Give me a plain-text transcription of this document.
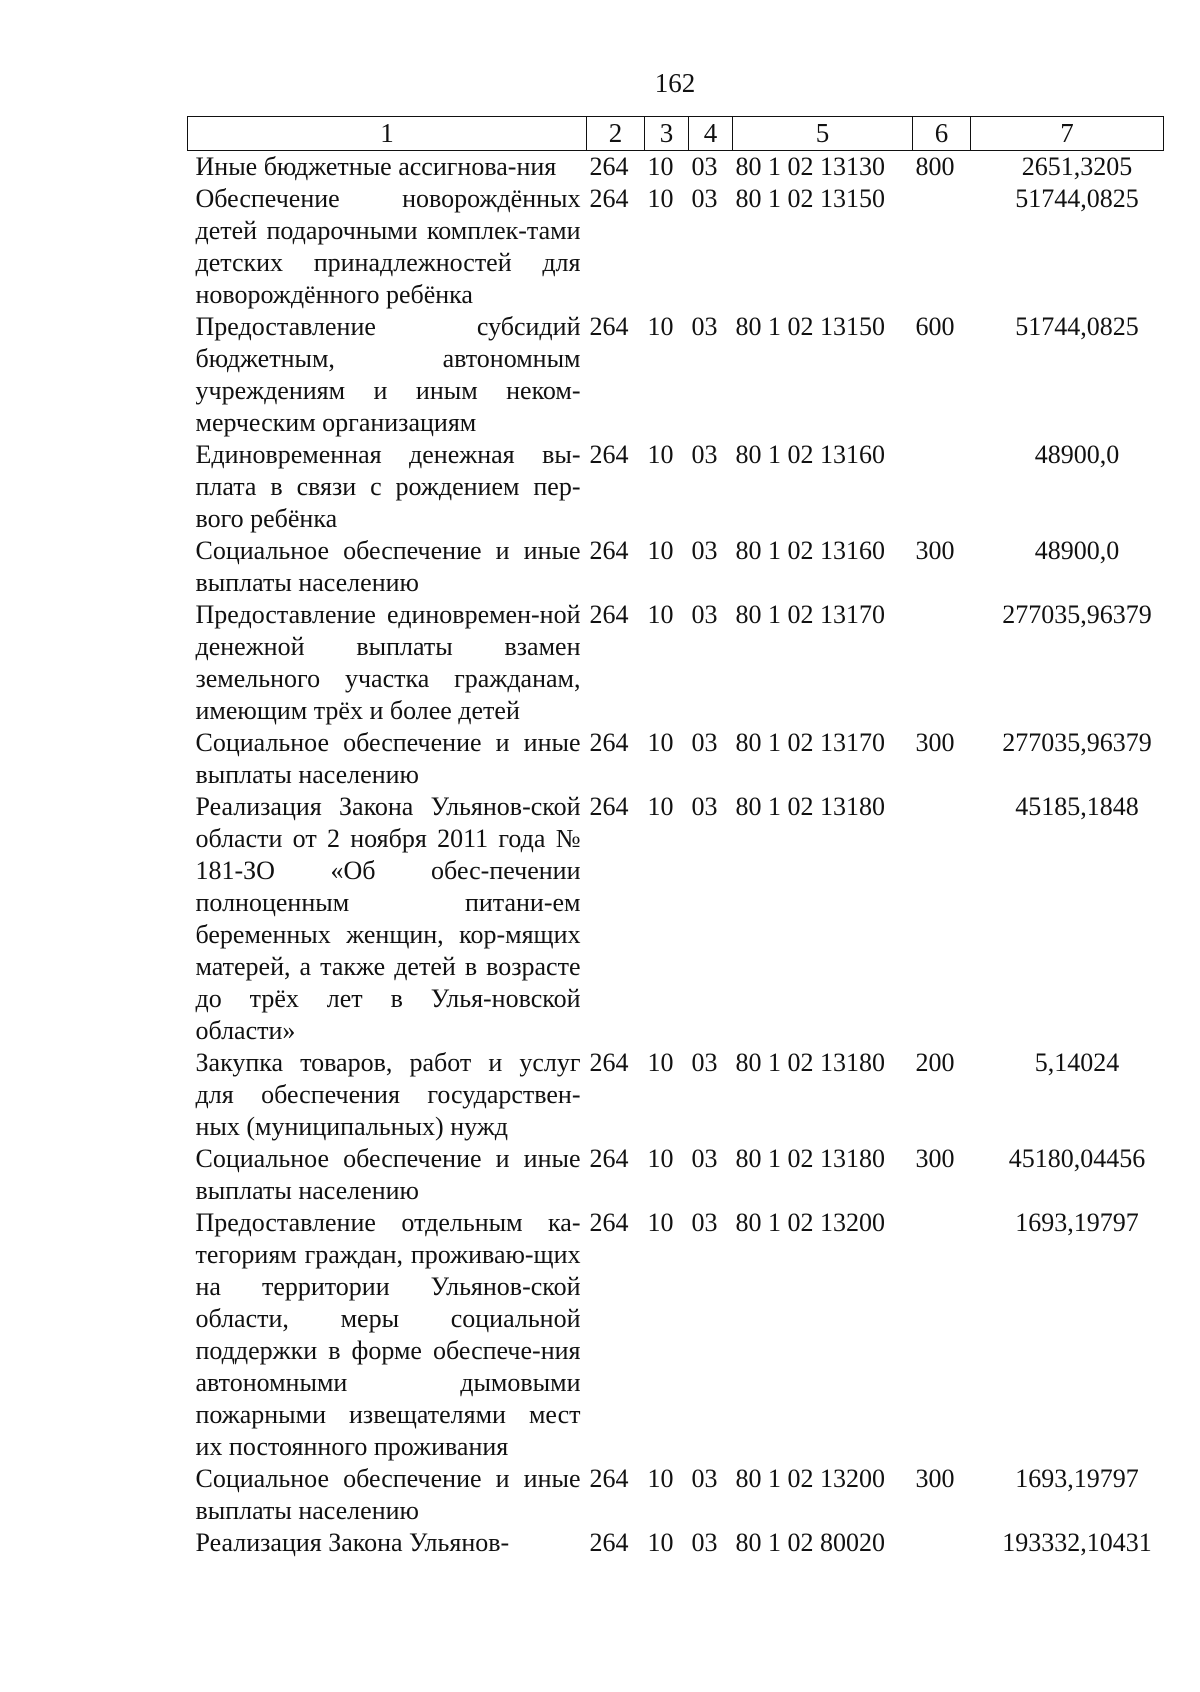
162
1	2	3	4	5	6	7
Иные бюджетные ассигнова-ния	264	10	03	80 1 02 13130	800	2651,3205
Обеспечение новорождённых детей подарочными комплек-тами детских принадлежностей для новорождённого ребёнка	264	10	03	80 1 02 13150		51744,0825
Предоставление субсидий бюджетным, автономным учреждениям и иным неком-мерческим организациям	264	10	03	80 1 02 13150	600	51744,0825
Единовременная денежная вы-плата в связи с рождением пер-вого ребёнка	264	10	03	80 1 02 13160		48900,0
Социальное обеспечение и иные выплаты населению	264	10	03	80 1 02 13160	300	48900,0
Предоставление единовремен-ной денежной выплаты взамен земельного участка гражданам, имеющим трёх и более детей	264	10	03	80 1 02 13170		277035,96379
Социальное обеспечение и иные выплаты населению	264	10	03	80 1 02 13170	300	277035,96379
Реализация Закона Ульянов-ской области от 2 ноября 2011 года № 181-ЗО «Об обес-печении полноценным питани-ем беременных женщин, кор-мящих матерей, а также детей в возрасте до трёх лет в Улья-новской области»	264	10	03	80 1 02 13180		45185,1848
Закупка товаров, работ и услуг для обеспечения государствен-ных (муниципальных) нужд	264	10	03	80 1 02 13180	200	5,14024
Социальное обеспечение и иные выплаты населению	264	10	03	80 1 02 13180	300	45180,04456
Предоставление отдельным ка-тегориям граждан, проживаю-щих на территории Ульянов-ской области, меры социальной поддержки в форме обеспече-ния автономными дымовыми пожарными извещателями мест их постоянного проживания	264	10	03	80 1 02 13200		1693,19797
Социальное обеспечение и иные выплаты населению	264	10	03	80 1 02 13200	300	1693,19797
Реализация Закона Ульянов-	264	10	03	80 1 02 80020		193332,10431
